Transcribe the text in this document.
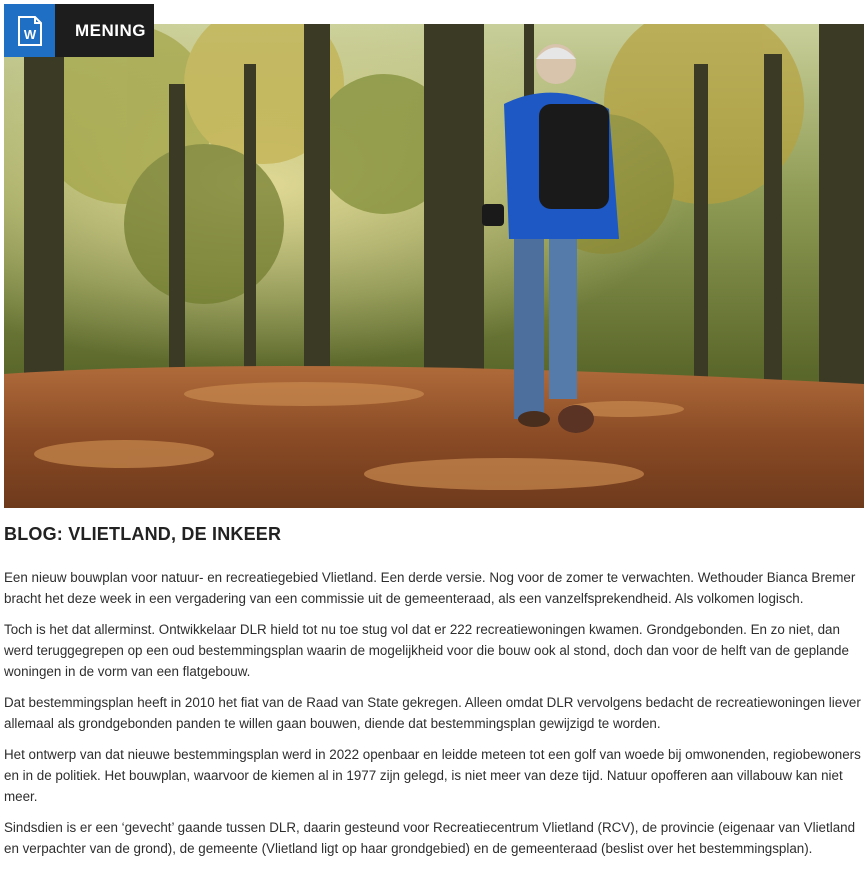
W	MENING
BLOG: VLIETLAND, DE INKEER

Een nieuw bouwplan voor natuur- en recreatiegebied Vlietland. Een derde versie. Nog voor de zomer te verwachten. Wethouder Bianca Bremer bracht het deze week in een vergadering van een commissie uit de gemeenteraad, als een vanzelfsprekendheid. Als volkomen logisch.

Toch is het dat allerminst. Ontwikkelaar DLR hield tot nu toe stug vol dat er 222 recreatiewoningen kwamen. Grondgebonden. En zo niet, dan werd teruggegrepen op een oud bestemmingsplan waarin de mogelijkheid voor die bouw ook al stond, doch dan voor de helft van de geplande woningen in de vorm van een flatgebouw.

Dat bestemmingsplan heeft in 2010 het fiat van de Raad van State gekregen. Alleen omdat DLR vervolgens bedacht de recreatiewoningen liever allemaal als grondgebonden panden te willen gaan bouwen, diende dat bestemmingsplan gewijzigd te worden.

Het ontwerp van dat nieuwe bestemmingsplan werd in 2022 openbaar en leidde meteen tot een golf van woede bij omwonenden, regiobewoners en in de politiek. Het bouwplan, waarvoor de kiemen al in 1977 zijn gelegd, is niet meer van deze tijd. Natuur opofferen aan villabouw kan niet meer.

Sindsdien is er een ‘gevecht’ gaande tussen DLR, daarin gesteund voor Recreatiecentrum Vlietland (RCV), de provincie (eigenaar van Vlietland en verpachter van de grond), de gemeente (Vlietland ligt op haar grondgebied) en de gemeenteraad (beslist over het bestemmingsplan).
